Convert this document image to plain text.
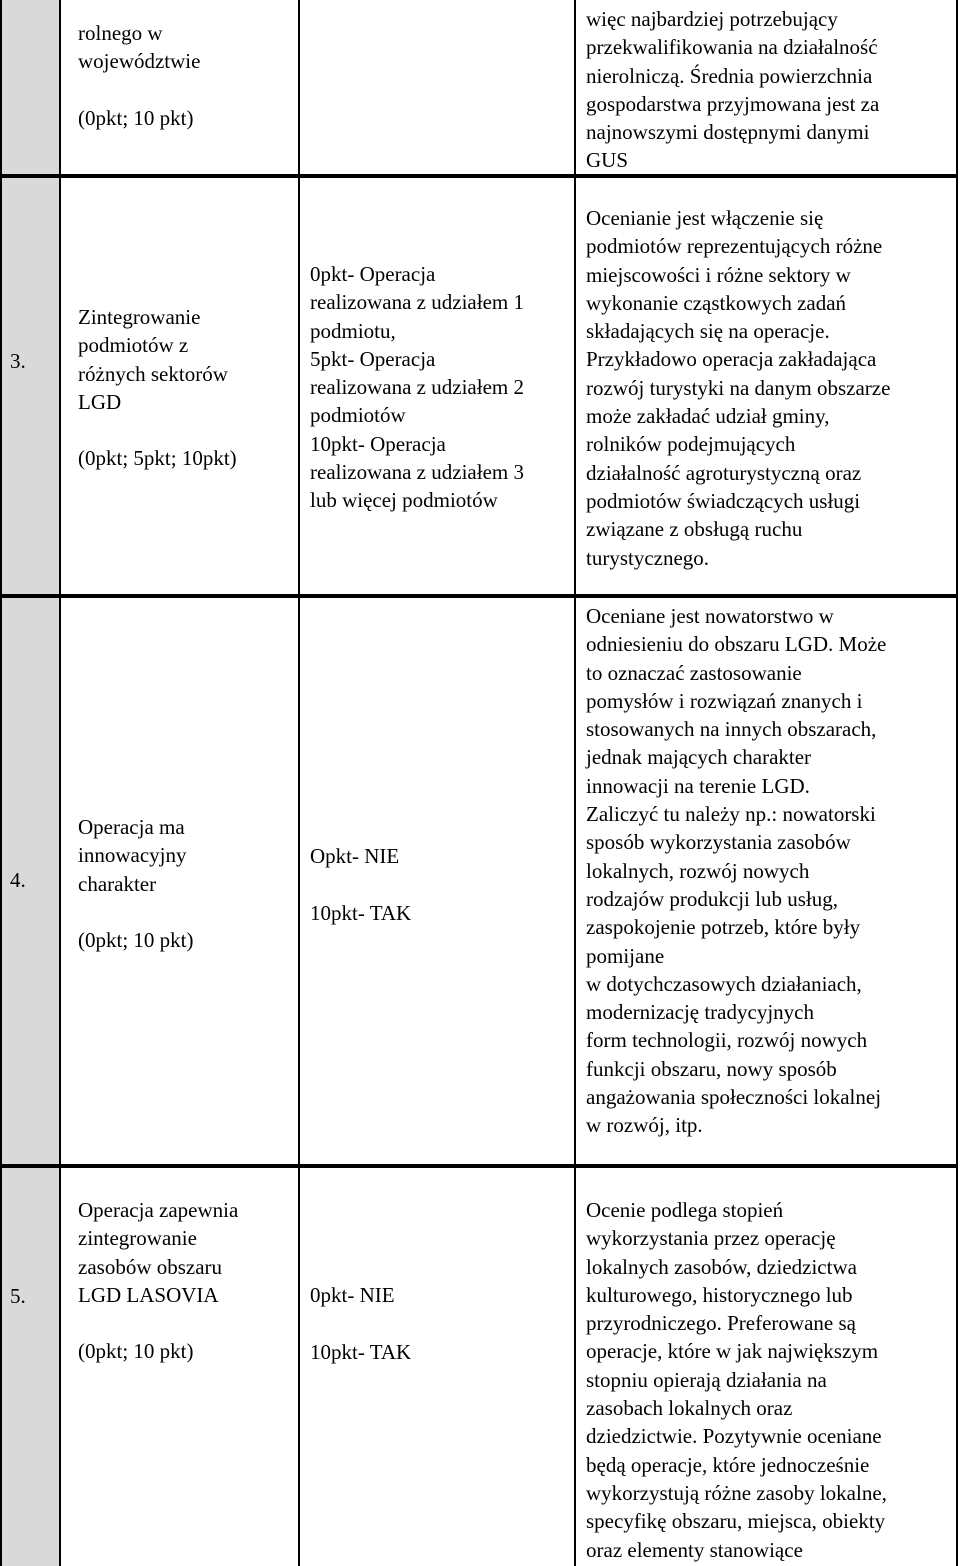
rolnego w
województwie

(0pkt; 10 pkt)
więc najbardziej potrzebujący
przekwalifikowania na działalność
nierolniczą. Średnia powierzchnia
gospodarstwa przyjmowana jest za
najnowszymi dostępnymi danymi
GUS
3.
Zintegrowanie
podmiotów z
różnych sektorów
LGD

(0pkt; 5pkt; 10pkt)
0pkt- Operacja
realizowana z udziałem 1
podmiotu,
5pkt- Operacja
realizowana z udziałem 2
podmiotów
10pkt- Operacja
realizowana z udziałem 3
lub więcej podmiotów
Ocenianie jest włączenie się
podmiotów reprezentujących różne
miejscowości i różne sektory w
wykonanie cząstkowych zadań
składających się na operacje.
Przykładowo operacja zakładająca
rozwój turystyki na danym obszarze
może zakładać udział gminy,
rolników podejmujących
działalność agroturystyczną oraz
podmiotów świadczących usługi
związane z obsługą ruchu
turystycznego.
4.
Operacja ma
innowacyjny
charakter

(0pkt; 10 pkt)
Opkt- NIE

10pkt- TAK
Oceniane jest nowatorstwo w
odniesieniu do obszaru LGD. Może
to oznaczać zastosowanie
pomysłów i rozwiązań znanych i
stosowanych na innych obszarach,
jednak mających charakter
innowacji na terenie LGD.
Zaliczyć tu należy np.: nowatorski
sposób wykorzystania zasobów
lokalnych, rozwój nowych
rodzajów produkcji lub usług,
zaspokojenie potrzeb, które były
pomijane
w dotychczasowych działaniach,
modernizację tradycyjnych
form technologii, rozwój nowych
funkcji obszaru, nowy sposób
angażowania społeczności lokalnej
w rozwój, itp.
5.
Operacja zapewnia
zintegrowanie
zasobów obszaru
LGD LASOVIA

(0pkt; 10 pkt)
0pkt- NIE

10pkt- TAK
Ocenie podlega stopień
wykorzystania przez operację
lokalnych zasobów, dziedzictwa
kulturowego, historycznego lub
przyrodniczego. Preferowane są
operacje, które w jak największym
stopniu opierają działania na
zasobach lokalnych oraz
dziedzictwie. Pozytywnie oceniane
będą operacje, które jednocześnie
wykorzystują różne zasoby lokalne,
specyfikę obszaru, miejsca, obiekty
oraz elementy stanowiące
